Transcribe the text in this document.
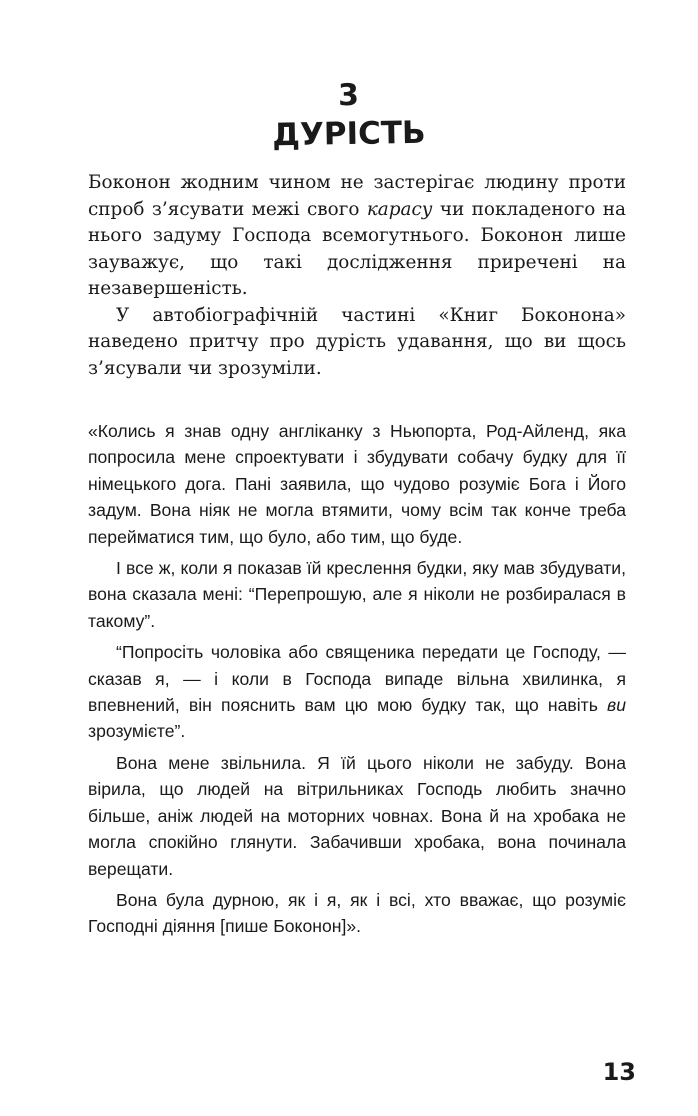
3
ДУРІСТЬ

Боконон жодним чином не застерігає людину проти спроб з’ясувати межі свого карасу чи покладеного на нього задуму Господа всемогутнього. Боконон лише зауважує, що такі дослідження приречені на незавершеність.

У автобіографічній частині «Книг Боконона» наведено притчу про дурість удавання, що ви щось з’ясували чи зрозуміли.

«Колись я знав одну англіканку з Ньюпорта, Род-Айленд, яка попросила мене спроектувати і збудувати собачу будку для її німецького дога. Пані заявила, що чудово розуміє Бога і Його задум. Вона ніяк не могла втямити, чому всім так конче треба перейматися тим, що було, або тим, що буде.

І все ж, коли я показав їй креслення будки, яку мав збудувати, вона сказала мені: “Перепрошую, але я ніколи не розбиралася в такому”.

“Попросіть чоловіка або священика передати це Господу, — сказав я, — і коли в Господа випаде вільна хвилинка, я впевнений, він пояснить вам цю мою будку так, що навіть ви зрозумієте”.

Вона мене звільнила. Я їй цього ніколи не забуду. Вона вірила, що людей на вітрильниках Господь любить значно більше, аніж людей на моторних човнах. Вона й на хробака не могла спокійно глянути. Забачивши хробака, вона починала верещати.

Вона була дурною, як і я, як і всі, хто вважає, що розуміє Господні діяння [пише Боконон]».

13
